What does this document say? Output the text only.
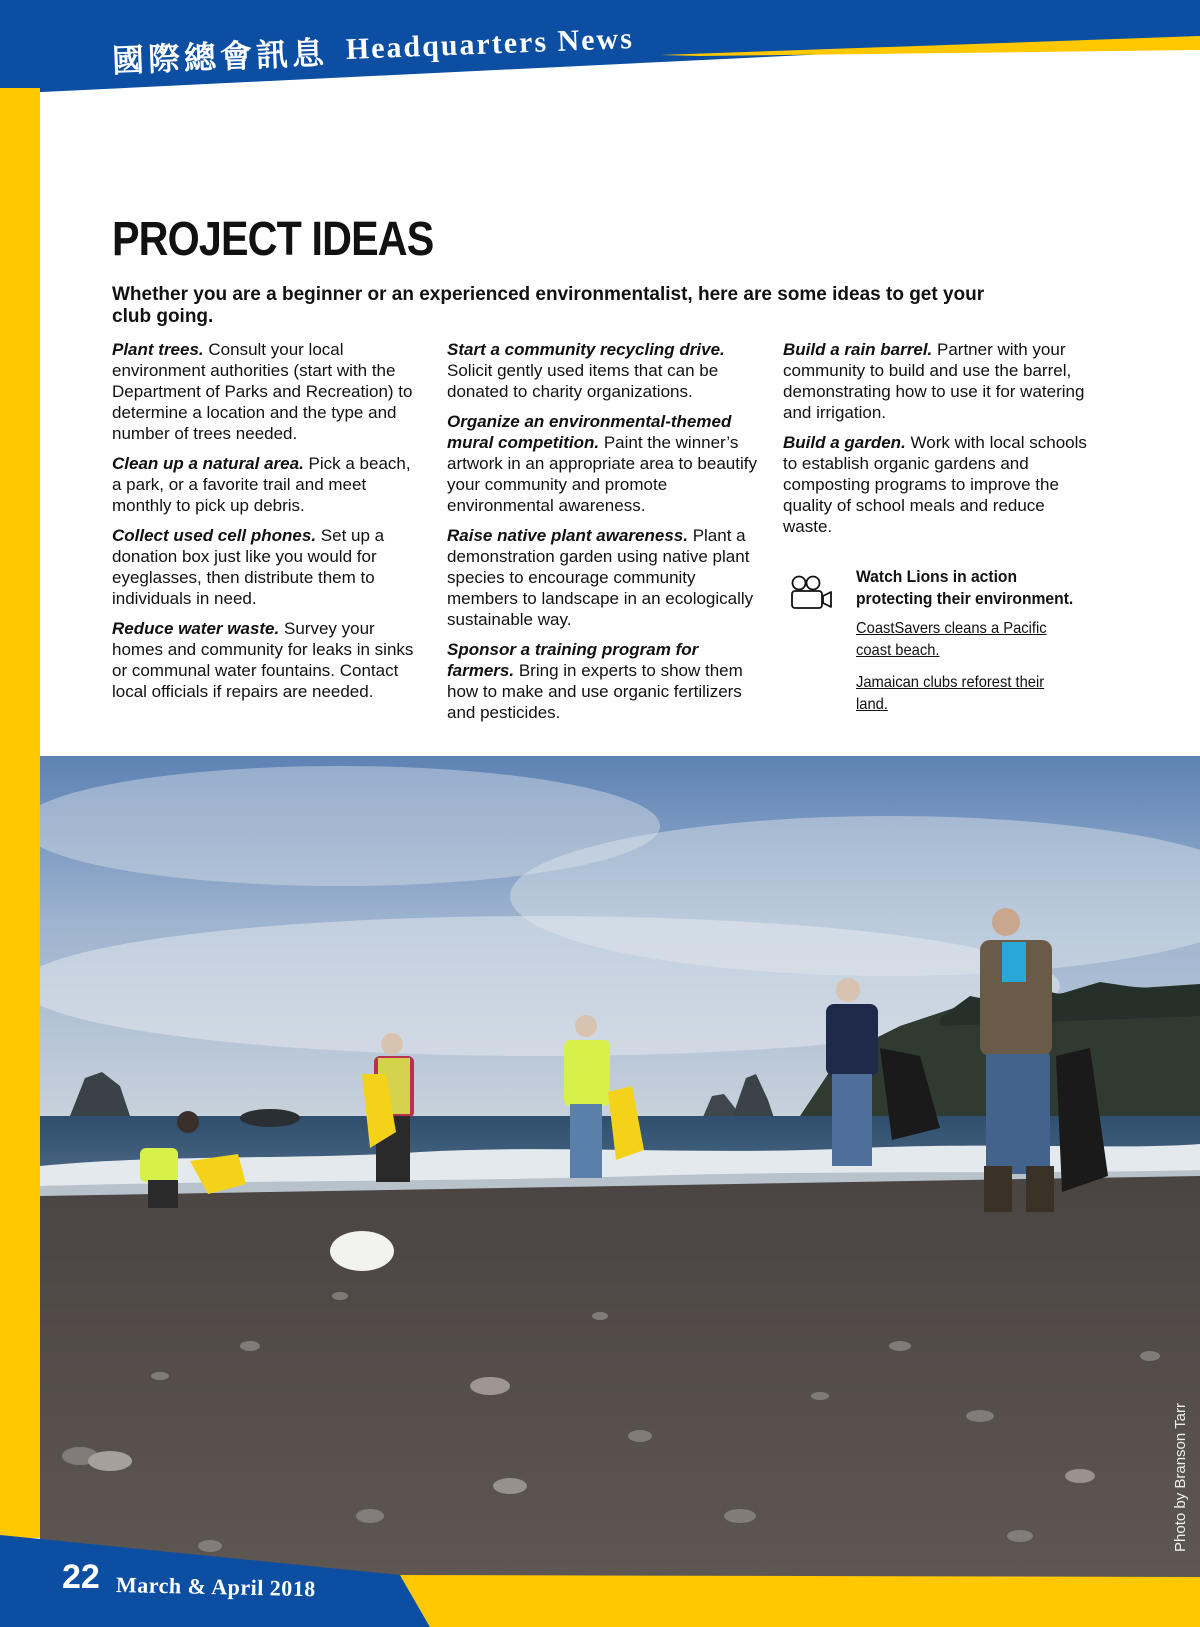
國際總會訊息 Headquarters News
PROJECT IDEAS

Whether you are a beginner or an experienced environmentalist, here are some ideas to get your club going.

Plant trees. Consult your local environment authorities (start with the Department of Parks and Recreation) to determine a location and the type and number of trees needed.

Clean up a natural area. Pick a beach, a park, or a favorite trail and meet monthly to pick up debris.

Collect used cell phones. Set up a donation box just like you would for eyeglasses, then distribute them to individuals in need.

Reduce water waste. Survey your homes and community for leaks in sinks or communal water fountains. Contact local officials if repairs are needed.

Start a community recycling drive. Solicit gently used items that can be donated to charity organizations.

Organize an environmental-themed mural competition. Paint the winner’s artwork in an appropriate area to beautify your community and promote environmental awareness.

Raise native plant awareness. Plant a demonstration garden using native plant species to encourage community members to landscape in an ecologically sustainable way.

Sponsor a training program for farmers. Bring in experts to show them how to make and use organic fertilizers and pesticides.

Build a rain barrel. Partner with your community to build and use the barrel, demonstrating how to use it for watering and irrigation.

Build a garden. Work with local schools to establish organic gardens and composting programs to improve the quality of school meals and reduce waste.

Watch Lions in action protecting their environment.
CoastSavers cleans a Pacific coast beach.
Jamaican clubs reforest their land.
Photo by Branson Tarr
22 March & April 2018
